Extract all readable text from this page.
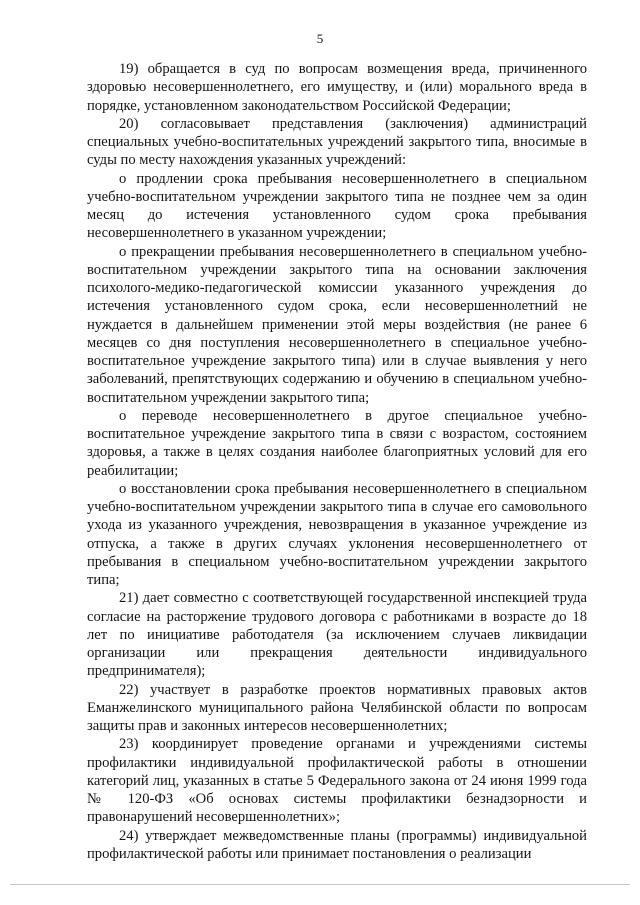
5

19) обращается в суд по вопросам возмещения вреда, причиненного здоровью несовершеннолетнего, его имуществу, и (или) морального вреда в порядке, установленном законодательством Российской Федерации;

20) согласовывает представления (заключения) администраций специальных учебно-воспитательных учреждений закрытого типа, вносимые в суды по месту нахождения указанных учреждений:

о продлении срока пребывания несовершеннолетнего в специальном учебно-воспитательном учреждении закрытого типа не позднее чем за один месяц до истечения установленного судом срока пребывания несовершеннолетнего в указанном учреждении;

о прекращении пребывания несовершеннолетнего в специальном учебно-воспитательном учреждении закрытого типа на основании заключения психолого-медико-педагогической комиссии указанного учреждения до истечения установленного судом срока, если несовершеннолетний не нуждается в дальнейшем применении этой меры воздействия (не ранее 6 месяцев со дня поступления несовершеннолетнего в специальное учебно-воспитательное учреждение закрытого типа) или в случае выявления у него заболеваний, препятствующих содержанию и обучению в специальном учебно-воспитательном учреждении закрытого типа;

о переводе несовершеннолетнего в другое специальное учебно-воспитательное учреждение закрытого типа в связи с возрастом, состоянием здоровья, а также в целях создания наиболее благоприятных условий для его реабилитации;

о восстановлении срока пребывания несовершеннолетнего в специальном учебно-воспитательном учреждении закрытого типа в случае его самовольного ухода из указанного учреждения, невозвращения в указанное учреждение из отпуска, а также в других случаях уклонения несовершеннолетнего от пребывания в специальном учебно-воспитательном учреждении закрытого типа;

21) дает совместно с соответствующей государственной инспекцией труда согласие на расторжение трудового договора с работниками в возрасте до 18 лет по инициативе работодателя (за исключением случаев ликвидации организации или прекращения деятельности индивидуального предпринимателя);

22) участвует в разработке проектов нормативных правовых актов Еманжелинского муниципального района Челябинской области по вопросам защиты прав и законных интересов несовершеннолетних;

23) координирует проведение органами и учреждениями системы профилактики индивидуальной профилактической работы в отношении категорий лиц, указанных в статье 5 Федерального закона от 24 июня 1999 года № 120-ФЗ «Об основах системы профилактики безнадзорности и правонарушений несовершеннолетних»;

24) утверждает межведомственные планы (программы) индивидуальной профилактической работы или принимает постановления о реализации
